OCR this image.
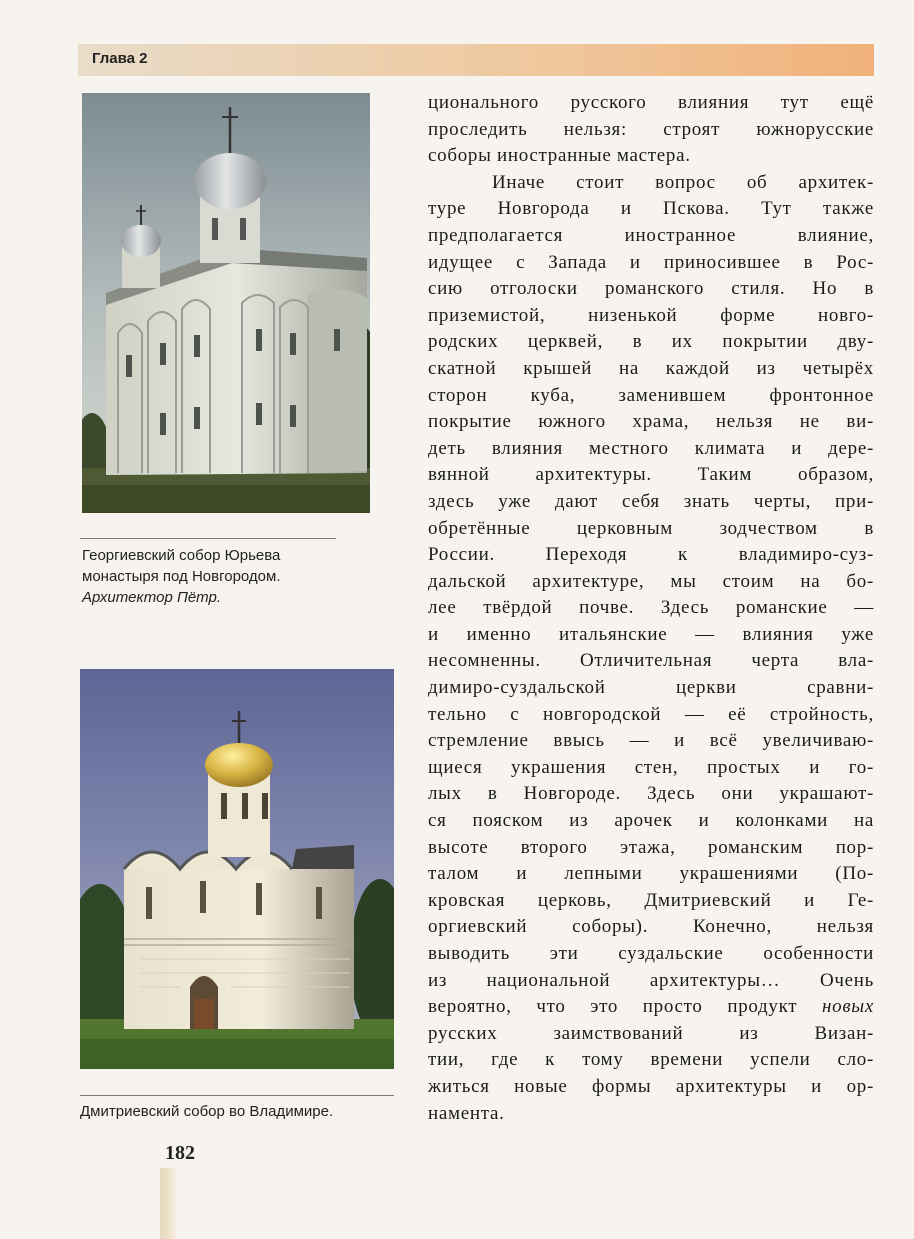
Глава 2
Георгиевский собор Юрьева
монастыря под Новгородом.
Архитектор Пётр.
Дмитриевский собор во Владимире.
182
ционального русского влияния тут ещё
проследить нельзя: строят южнорусские
соборы иностранные мастера.
Иначе стоит вопрос об архитек-
туре Новгорода и Пскова. Тут также
предполагается иностранное влияние,
идущее с Запада и приносившее в Рос-
сию отголоски романского стиля. Но в
приземистой, низенькой форме новго-
родских церквей, в их покрытии дву-
скатной крышей на каждой из четырёх
сторон куба, заменившем фронтонное
покрытие южного храма, нельзя не ви-
деть влияния местного климата и дере-
вянной архитектуры. Таким образом,
здесь уже дают себя знать черты, при-
обретённые церковным зодчеством в
России. Переходя к владимиро-суз-
дальской архитектуре, мы стоим на бо-
лее твёрдой почве. Здесь романские —
и именно итальянские — влияния уже
несомненны. Отличительная черта вла-
димиро-суздальской церкви сравни-
тельно с новгородской — её стройность,
стремление ввысь — и всё увеличиваю-
щиеся украшения стен, простых и го-
лых в Новгороде. Здесь они украшают-
ся пояском из арочек и колонками на
высоте второго этажа, романским пор-
талом и лепными украшениями (По-
кровская церковь, Дмитриевский и Ге-
оргиевский соборы). Конечно, нельзя
выводить эти суздальские особенности
из национальной архитектуры… Очень
вероятно, что это просто продукт новых
русских заимствований из Визан-
тии, где к тому времени успели сло-
житься новые формы архитектуры и ор-
намента.
